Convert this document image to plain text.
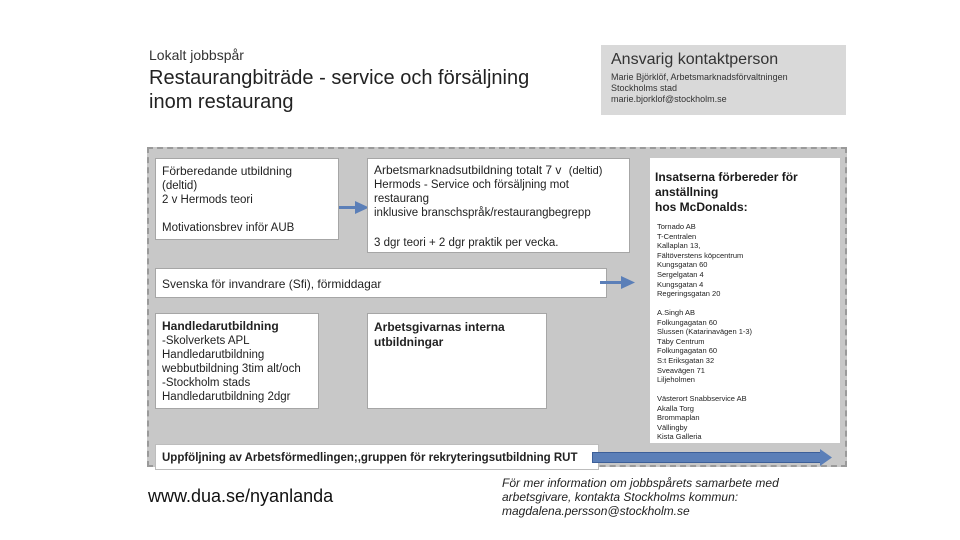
Lokalt jobbspår
Restaurangbiträde - service och försäljning
inom restaurang
Ansvarig kontaktperson
Marie Björklöf, Arbetsmarknadsförvaltningen
Stockholms stad
marie.bjorklof@stockholm.se
Förberedande utbildning
(deltid)
2 v Hermods teori
Motivationsbrev inför AUB
Arbetsmarknadsutbildning totalt 7 v (deltid)
Hermods - Service och försäljning mot
restaurang
inklusive branschspråk/restaurangbegrepp
3 dgr teori + 2 dgr praktik per vecka.
Svenska för invandrare (Sfi), förmiddagar
Handledarutbildning
-Skolverkets APL
Handledarutbildning
webbutbildning 3tim alt/och
-Stockholm stads
Handledarutbildning 2dgr
Arbetsgivarnas interna
utbildningar
Insatserna förbereder för
anställning
hos McDonalds:
Tornado AB
T-Centralen
Kallaplan 13,
Fältöverstens köpcentrum
Kungsgatan 60
Sergelgatan 4
Kungsgatan 4
Regeringsgatan 20
A.Singh AB
Folkungagatan 60
Slussen (Katarinavägen 1-3)
Täby Centrum
Folkungagatan 60
S:t Eriksgatan 32
Sveavägen 71
Liljeholmen
Västerort Snabbservice AB
Akalla Torg
Brommaplan
Vällingby
Kista Galleria
Uppföljning av Arbetsförmedlingen;,gruppen för rekryteringsutbildning RUT
www.dua.se/nyanlanda
För mer information om jobbspårets samarbete med
arbetsgivare, kontakta Stockholms kommun:
magdalena.persson@stockholm.se
